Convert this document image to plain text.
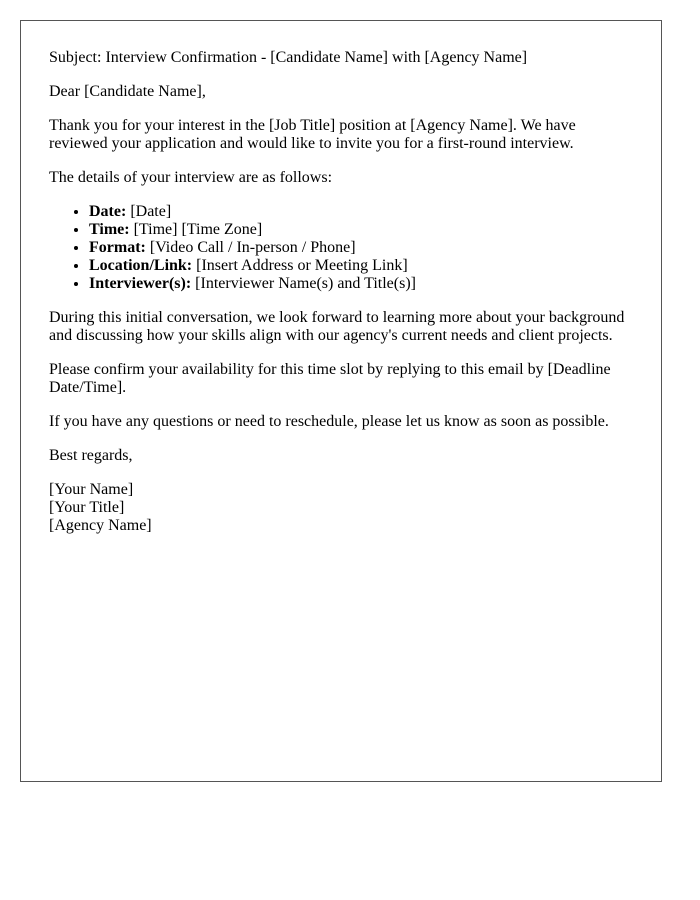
Subject: Interview Confirmation - [Candidate Name] with [Agency Name]

Dear [Candidate Name],

Thank you for your interest in the [Job Title] position at [Agency Name]. We have reviewed your application and would like to invite you for a first-round interview.

The details of your interview are as follows:

• Date: [Date]
• Time: [Time] [Time Zone]
• Format: [Video Call / In-person / Phone]
• Location/Link: [Insert Address or Meeting Link]
• Interviewer(s): [Interviewer Name(s) and Title(s)]

During this initial conversation, we look forward to learning more about your background and discussing how your skills align with our agency's current needs and client projects.

Please confirm your availability for this time slot by replying to this email by [Deadline Date/Time].

If you have any questions or need to reschedule, please let us know as soon as possible.

Best regards,

[Your Name]
[Your Title]
[Agency Name]
